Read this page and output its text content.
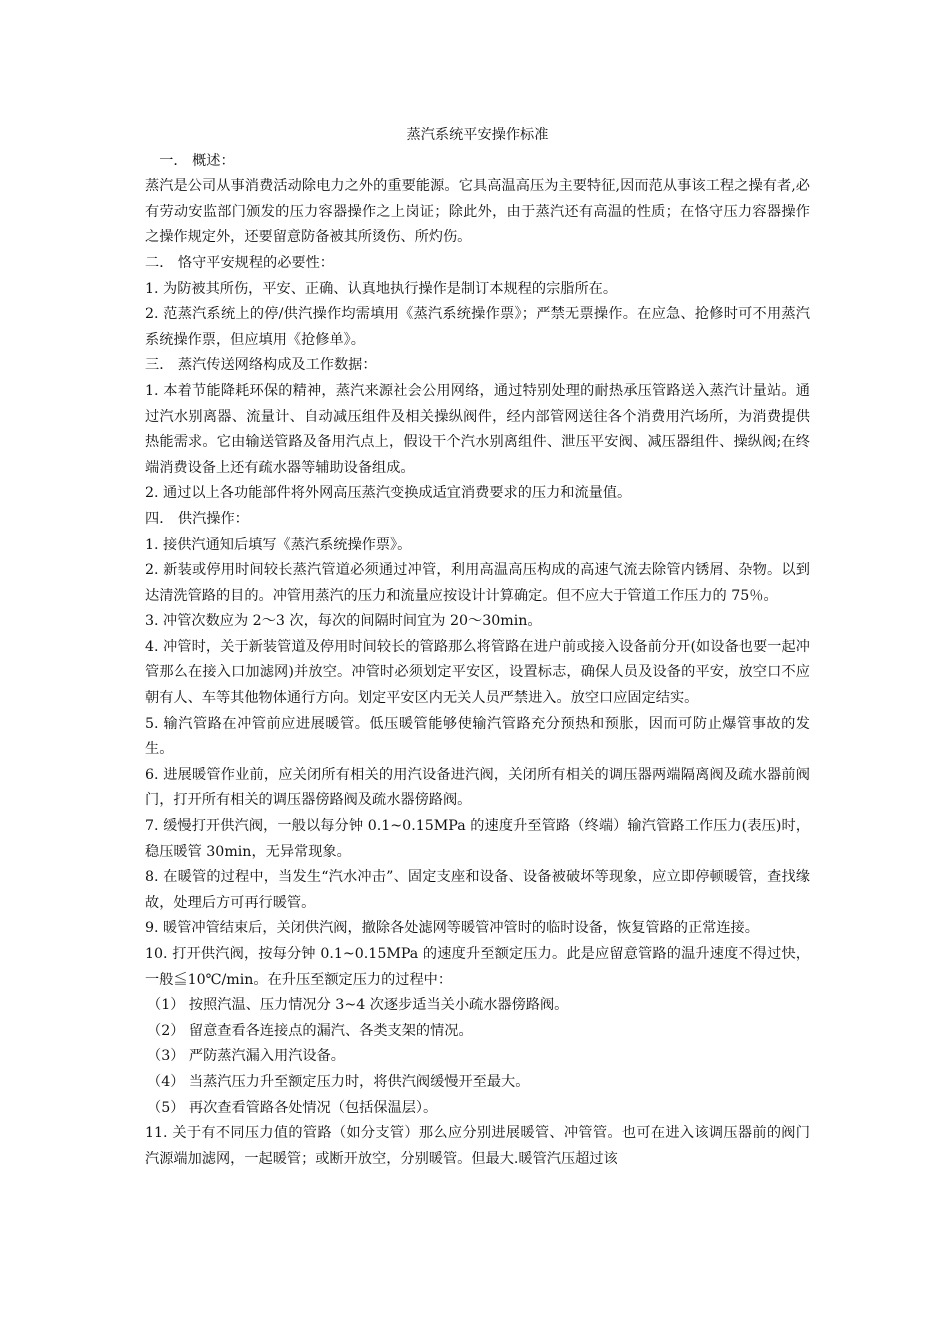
蒸汽系统平安操作标准
　一． 概述：
蒸汽是公司从事消费活动除电力之外的重要能源。它具高温高压为主要特征,因而范从事该工程之操有者,必有劳动安监部门颁发的压力容器操作之上岗证；除此外，由于蒸汽还有高温的性质；在恪守压力容器操作之操作规定外，还要留意防备被其所烫伤、所灼伤。
二． 恪守平安规程的必要性：
1. 为防被其所伤，平安、正确、认真地执行操作是制订本规程的宗脂所在。
2. 范蒸汽系统上的停/供汽操作均需填用《蒸汽系统操作票》；严禁无票操作。在应急、抢修时可不用蒸汽系统操作票，但应填用《抢修单》。
三． 蒸汽传送网络构成及工作数据：
1. 本着节能降耗环保的精神，蒸汽来源社会公用网络，通过特别处理的耐热承压管路送入蒸汽计量站。通过汽水别离器、流量计、自动减压组件及相关操纵阀件，经内部管网送往各个消费用汽场所，为消费提供热能需求。它由输送管路及备用汽点上，假设干个汽水别离组件、泄压平安阀、减压器组件、操纵阀;在终端消费设备上还有疏水器等辅助设备组成。
2. 通过以上各功能部件将外网高压蒸汽变换成适宜消费要求的压力和流量值。
四． 供汽操作：
1. 接供汽通知后填写《蒸汽系统操作票》。
2. 新装或停用时间较长蒸汽管道必须通过冲管，利用高温高压构成的高速气流去除管内锈屑、杂物。以到达清洗管路的目的。冲管用蒸汽的压力和流量应按设计计算确定。但不应大于管道工作压力的 75％。
3. 冲管次数应为 2～3 次，每次的间隔时间宜为 20～30min。
4. 冲管时，关于新装管道及停用时间较长的管路那么将管路在进户前或接入设备前分开(如设备也要一起冲管那么在接入口加滤网)并放空。冲管时必须划定平安区，设置标志，确保人员及设备的平安，放空口不应朝有人、车等其他物体通行方向。划定平安区内无关人员严禁进入。放空口应固定结实。
5. 输汽管路在冲管前应进展暖管。低压暖管能够使输汽管路充分预热和预胀，因而可防止爆管事故的发生。
6. 进展暖管作业前，应关闭所有相关的用汽设备进汽阀，关闭所有相关的调压器两端隔离阀及疏水器前阀门，打开所有相关的调压器傍路阀及疏水器傍路阀。
7. 缓慢打开供汽阀，一般以每分钟 0.1~0.15MPa 的速度升至管路（终端）输汽管路工作压力(表压)时，稳压暖管 30min，无异常现象。
8. 在暖管的过程中，当发生“汽水冲击”、固定支座和设备、设备被破坏等现象，应立即停顿暖管，查找缘故，处理后方可再行暖管。
9. 暖管冲管结束后，关闭供汽阀，撤除各处滤网等暖管冲管时的临时设备，恢复管路的正常连接。
10. 打开供汽阀，按每分钟 0.1~0.15MPa 的速度升至额定压力。此是应留意管路的温升速度不得过快，一般≦10℃/min。在升压至额定压力的过程中：
（1） 按照汽温、压力情况分 3~4 次逐步适当关小疏水器傍路阀。
（2） 留意查看各连接点的漏汽、各类支架的情况。
（3） 严防蒸汽漏入用汽设备。
（4） 当蒸汽压力升至额定压力时，将供汽阀缓慢开至最大。
（5） 再次查看管路各处情况（包括保温层）。
11. 关于有不同压力值的管路（如分支管）那么应分别进展暖管、冲管管。也可在进入该调压器前的阀门汽源端加滤网，一起暖管；或断开放空，分别暖管。但最大.暖管汽压超过该
